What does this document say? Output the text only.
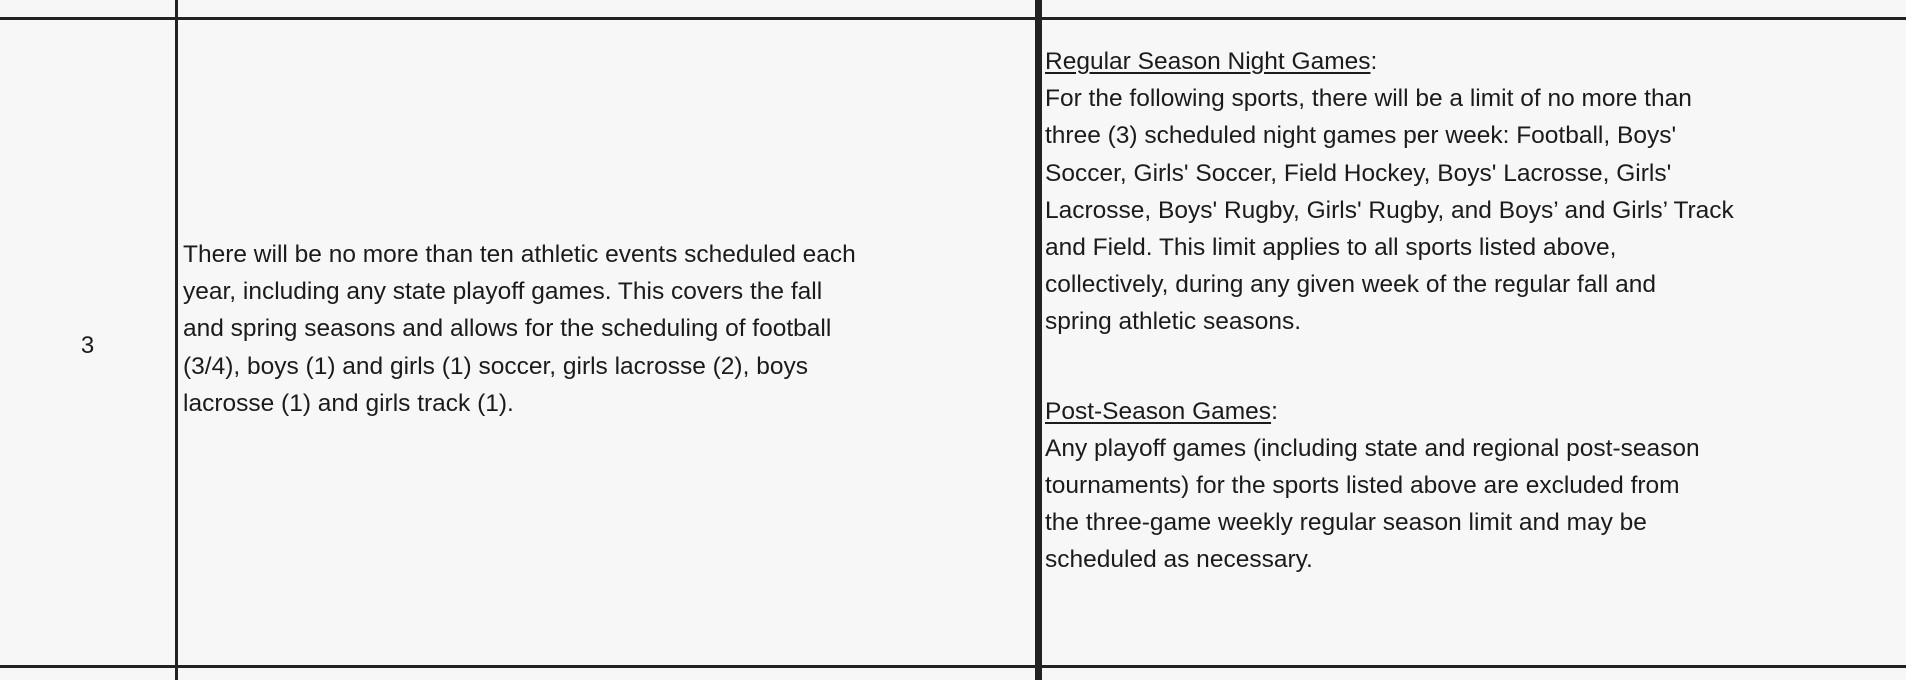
3

There will be no more than ten athletic events scheduled each
year, including any state playoff games. This covers the fall
and spring seasons and allows for the scheduling of football
(3/4), boys (1) and girls (1) soccer, girls lacrosse (2), boys
lacrosse (1) and girls track (1).

Regular Season Night Games:

For the following sports, there will be a limit of no more than
three (3) scheduled night games per week: Football, Boys'
Soccer, Girls' Soccer, Field Hockey, Boys' Lacrosse, Girls'
Lacrosse, Boys' Rugby, Girls' Rugby, and Boys’ and Girls’ Track
and Field. This limit applies to all sports listed above,
collectively, during any given week of the regular fall and
spring athletic seasons.

Post-Season Games:

Any playoff games (including state and regional post-season
tournaments) for the sports listed above are excluded from
the three-game weekly regular season limit and may be
scheduled as necessary.
